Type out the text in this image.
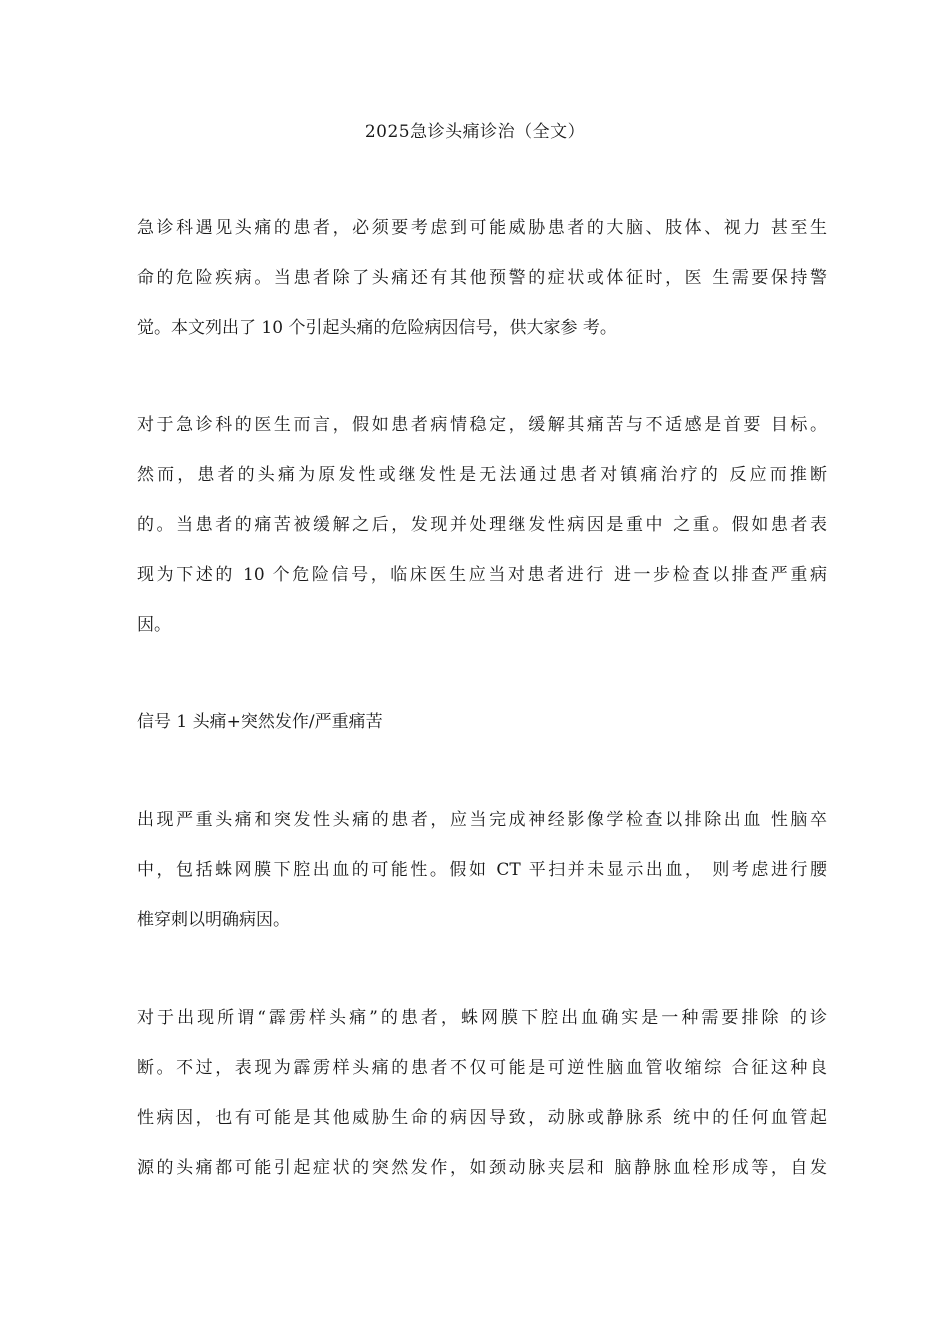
2025急诊头痛诊治（全文）
急诊科遇见头痛的患者，必须要考虑到可能威胁患者的大脑、肢体、视力 甚至生
命的危险疾病。当患者除了头痛还有其他预警的症状或体征时，医 生需要保持警
觉。本文列出了 10 个引起头痛的危险病因信号，供大家参 考。
对于急诊科的医生而言，假如患者病情稳定，缓解其痛苦与不适感是首要 目标。
然而，患者的头痛为原发性或继发性是无法通过患者对镇痛治疗的 反应而推断
的。当患者的痛苦被缓解之后，发现并处理继发性病因是重中 之重。假如患者表
现为下述的 10 个危险信号，临床医生应当对患者进行 进一步检查以排查严重病
因。
信号 1 头痛+突然发作/严重痛苦
出现严重头痛和突发性头痛的患者，应当完成神经影像学检查以排除出血 性脑卒
中，包括蛛网膜下腔出血的可能性。假如 CT 平扫并未显示出血， 则考虑进行腰
椎穿刺以明确病因。
对于出现所谓“霹雳样头痛”的患者，蛛网膜下腔出血确实是一种需要排除 的诊
断。不过，表现为霹雳样头痛的患者不仅可能是可逆性脑血管收缩综 合征这种良
性病因，也有可能是其他威胁生命的病因导致，动脉或静脉系 统中的任何血管起
源的头痛都可能引起症状的突然发作，如颈动脉夹层和 脑静脉血栓形成等，自发
